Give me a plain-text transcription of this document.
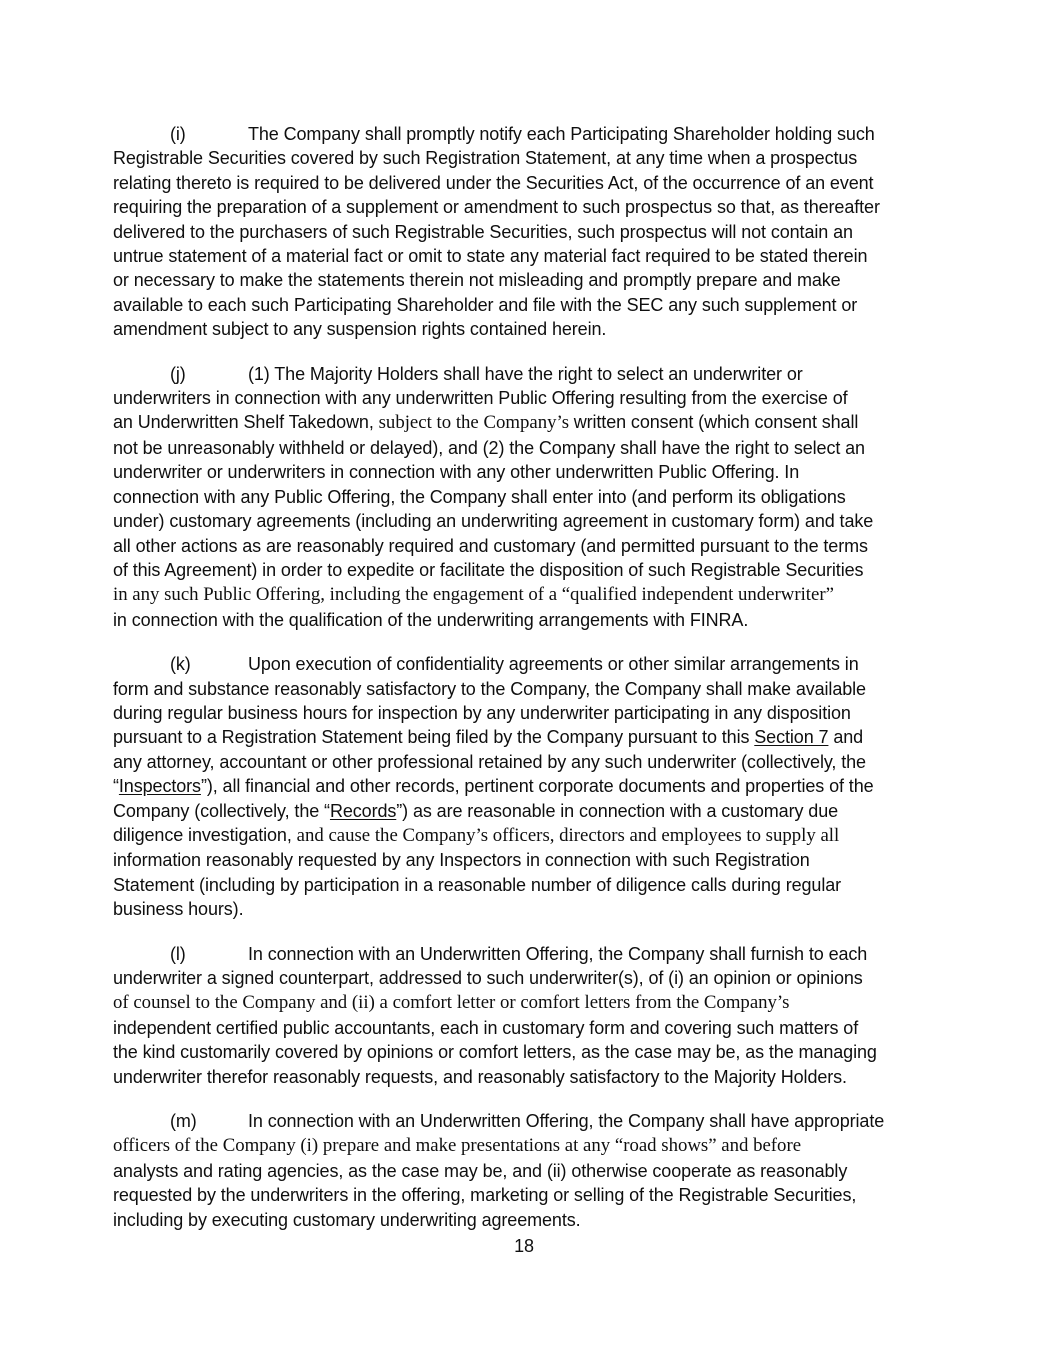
(i)	The Company shall promptly notify each Participating Shareholder holding such
Registrable Securities covered by such Registration Statement, at any time when a prospectus
relating thereto is required to be delivered under the Securities Act, of the occurrence of an event
requiring the preparation of a supplement or amendment to such prospectus so that, as thereafter
delivered to the purchasers of such Registrable Securities, such prospectus will not contain an
untrue statement of a material fact or omit to state any material fact required to be stated therein
or necessary to make the statements therein not misleading and promptly prepare and make
available to each such Participating Shareholder and file with the SEC any such supplement or
amendment subject to any suspension rights contained herein.

(j)	(1) The Majority Holders shall have the right to select an underwriter or
underwriters in connection with any underwritten Public Offering resulting from the exercise of
an Underwritten Shelf Takedown, subject to the Company’s written consent (which consent shall
not be unreasonably withheld or delayed), and (2) the Company shall have the right to select an
underwriter or underwriters in connection with any other underwritten Public Offering. In
connection with any Public Offering, the Company shall enter into (and perform its obligations
under) customary agreements (including an underwriting agreement in customary form) and take
all other actions as are reasonably required and customary (and permitted pursuant to the terms
of this Agreement) in order to expedite or facilitate the disposition of such Registrable Securities
in any such Public Offering, including the engagement of a “qualified independent underwriter”
in connection with the qualification of the underwriting arrangements with FINRA.

(k)	Upon execution of confidentiality agreements or other similar arrangements in
form and substance reasonably satisfactory to the Company, the Company shall make available
during regular business hours for inspection by any underwriter participating in any disposition
pursuant to a Registration Statement being filed by the Company pursuant to this Section 7 and
any attorney, accountant or other professional retained by any such underwriter (collectively, the
“Inspectors”), all financial and other records, pertinent corporate documents and properties of the
Company (collectively, the “Records”) as are reasonable in connection with a customary due
diligence investigation, and cause the Company’s officers, directors and employees to supply all
information reasonably requested by any Inspectors in connection with such Registration
Statement (including by participation in a reasonable number of diligence calls during regular
business hours).

(l)	In connection with an Underwritten Offering, the Company shall furnish to each
underwriter a signed counterpart, addressed to such underwriter(s), of (i) an opinion or opinions
of counsel to the Company and (ii) a comfort letter or comfort letters from the Company’s
independent certified public accountants, each in customary form and covering such matters of
the kind customarily covered by opinions or comfort letters, as the case may be, as the managing
underwriter therefor reasonably requests, and reasonably satisfactory to the Majority Holders.

(m)	In connection with an Underwritten Offering, the Company shall have appropriate
officers of the Company (i) prepare and make presentations at any “road shows” and before
analysts and rating agencies, as the case may be, and (ii) otherwise cooperate as reasonably
requested by the underwriters in the offering, marketing or selling of the Registrable Securities,
including by executing customary underwriting agreements.

18
